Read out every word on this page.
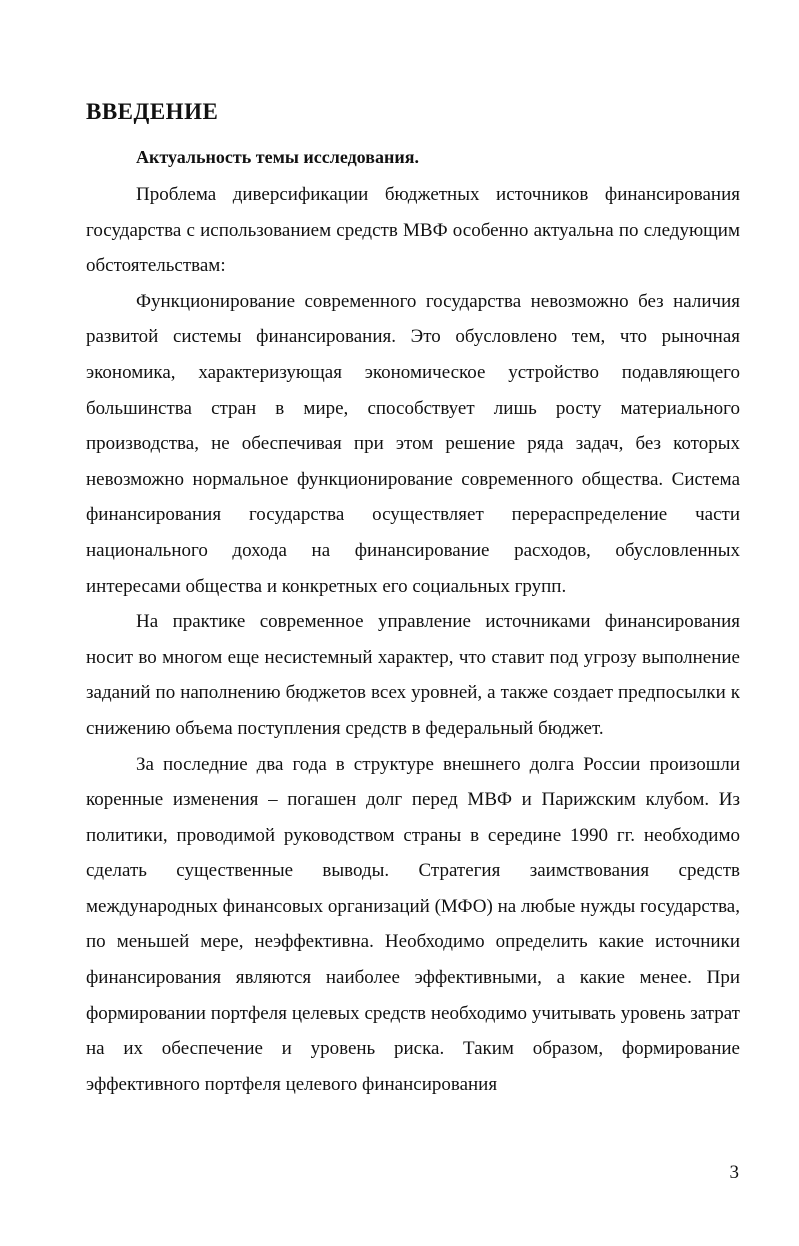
ВВЕДЕНИЕ
Актуальность темы исследования.

Проблема диверсификации бюджетных источников финансирования государства с использованием средств МВФ особенно актуальна по следующим обстоятельствам:

Функционирование современного государства невозможно без наличия развитой системы финансирования. Это обусловлено тем, что рыночная экономика, характеризующая экономическое устройство подавляющего большинства стран в мире, способствует лишь росту материального производства, не обеспечивая при этом решение ряда задач, без которых невозможно нормальное функционирование современного общества. Система финансирования государства осуществляет перераспределение части национального дохода на финансирование расходов, обусловленных интересами общества и конкретных его социальных групп.

На практике современное управление источниками финансирования носит во многом еще несистемный характер, что ставит под угрозу выполнение заданий по наполнению бюджетов всех уровней, а также создает предпосылки к снижению объема поступления средств в федеральный бюджет.

За последние два года в структуре внешнего долга России произошли коренные изменения – погашен долг перед МВФ и Парижским клубом. Из политики, проводимой руководством страны в середине 1990 гг. необходимо сделать существенные выводы. Стратегия заимствования средств международных финансовых организаций (МФО) на любые нужды государства, по меньшей мере, неэффективна. Необходимо определить какие источники финансирования являются наиболее эффективными, а какие менее. При формировании портфеля целевых средств необходимо учитывать уровень затрат на их обеспечение и уровень риска. Таким образом, формирование эффективного портфеля целевого финансирования

3
